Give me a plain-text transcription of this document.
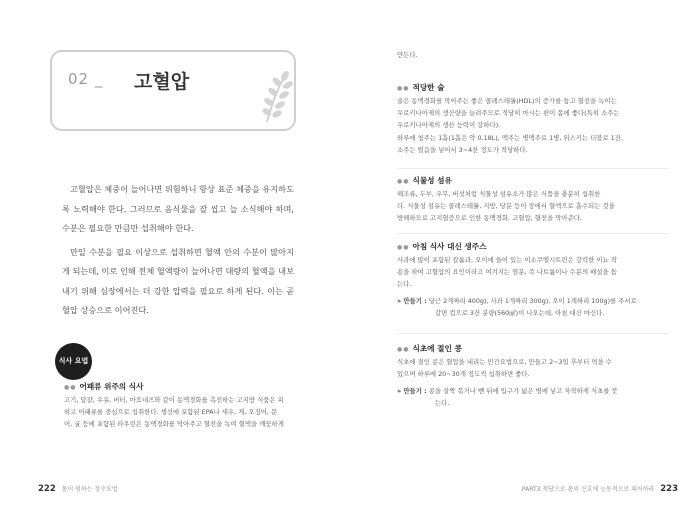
02 _ 고혈압

고혈압은 체중이 늘어나면 위험하니 항상 표준 체중을 유지하도록 노력해야 한다. 그러므로 음식물을 잘 씹고 늘 소식해야 하며, 수분은 필요한 만큼만 섭취해야 한다.

만일 수분을 필요 이상으로 섭취하면 혈액 안의 수분이 많아지게 되는데, 이로 인해 전체 혈액량이 늘어나면 대량의 혈액을 내보내기 위해 심장에서는 더 강한 압력을 필요로 하게 된다. 이는 곧 혈압 상승으로 이어진다.

식사 요법
●● 어패류 위주의 식사

고기, 달걀, 우유, 버터, 마요네즈와 같이 동맥경화를 촉진하는 고지방 식품은 피

하고 어패류를 중심으로 섭취한다. 생선에 포함된 EPA나 새우, 게, 오징어, 문

어, 굴 등에 포함된 타우린은 동맥경화를 막아주고 혈전을 녹여 혈액을 깨끗하게

222 몸이 원하는 장수요법
만든다.
●● 적당한 술

술은 동맥경화를 막아주는 좋은 콜레스테롤(HDL)의 증가를 돕고 혈전을 녹이는

우로키나아제의 생산량을 늘려주므로 적당히 마시는 편이 몸에 좋다(특히 소주는

우로키나아제의 생산 능력이 강하다).

하루에 청주는 1홉(1홉은 약 0.18L), 맥주는 병맥주로 1병, 위스키는 더블로 1잔,

소주는 얼음을 넣어서 3~4잔 정도가 적당하다.

●● 식물성 섬유

해조류, 두부, 우무, 버섯처럼 식물성 섬유소가 많은 식품을 충분히 섭취한

다. 식물성 섬유는 콜레스테롤, 지방, 당분 등이 장에서 혈액으로 흡수되는 것을

방해하므로 고지혈증으로 인한 동맥경화, 고혈압, 혈전을 막아준다.

●● 아침 식사 대신 생주스

사과에 많이 포함된 칼륨과, 오이에 들어 있는 이소쿠엘시트린은 강력한 이뇨 작

용을 하여 고혈압의 요인이라고 여겨지는 염분, 즉 나트륨이나 수분의 배설을 돕

는다.

» 만들기 : 당근 2개짜리 400g), 사과 1개짜리 300g), 오이 1개짜리 100g)를 주서로
갈면 컵으로 3잔 분량(560㎖)이 나오는데, 아침 대신 마신다.
●● 식초에 절인 콩

식초에 절인 콩은 혈압을 내리는 민간요법으로, 만들고 2~3일 후부터 먹을 수

있으며 하루에 20~30개 정도씩 섭취하면 좋다.

» 만들기 : 콩을 살짝 볶거나 뺀 뒤에 입구가 넓은 병에 넣고 자작하게 식초를 붓
는다.
PART3 적당으로 몸의 신호에 능동적으로 대처하라 223
